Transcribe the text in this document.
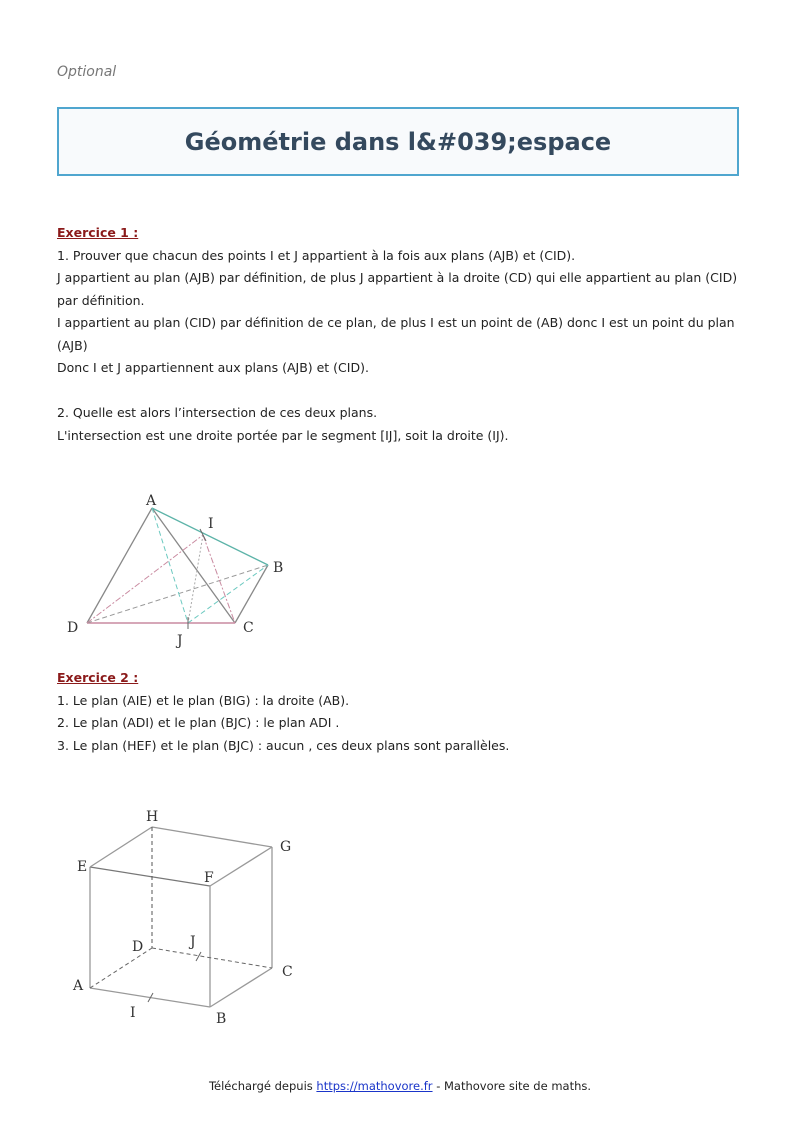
Optional
Géométrie dans l&#039;espace

Exercice 1 :

1. Prouver que chacun des points I et J appartient à la fois aux plans (AJB) et (CID).

J appartient au plan (AJB) par définition, de plus J appartient à la droite (CD) qui elle appartient au plan (CID) par définition.

I appartient au plan (CID) par définition de ce plan, de plus I est un point de (AB) donc I est un point du plan (AJB)

Donc I et J appartiennent aux plans (AJB) et (CID).

2. Quelle est alors l’intersection de ces deux plans.

L'intersection est une droite portée par le segment [IJ], soit la droite (IJ).

A
I
B
D	C
J

Exercice 2 :

1. Le plan (AIE) et le plan (BIG) : la droite (AB).

2. Le plan (ADI) et le plan (BJC) : le plan ADI .

3. Le plan (HEF) et le plan (BJC) : aucun , ces deux plans sont parallèles.

H
G
E
F
D	J
C
A
I	B
Téléchargé depuis https://mathovore.fr - Mathovore site de maths.
